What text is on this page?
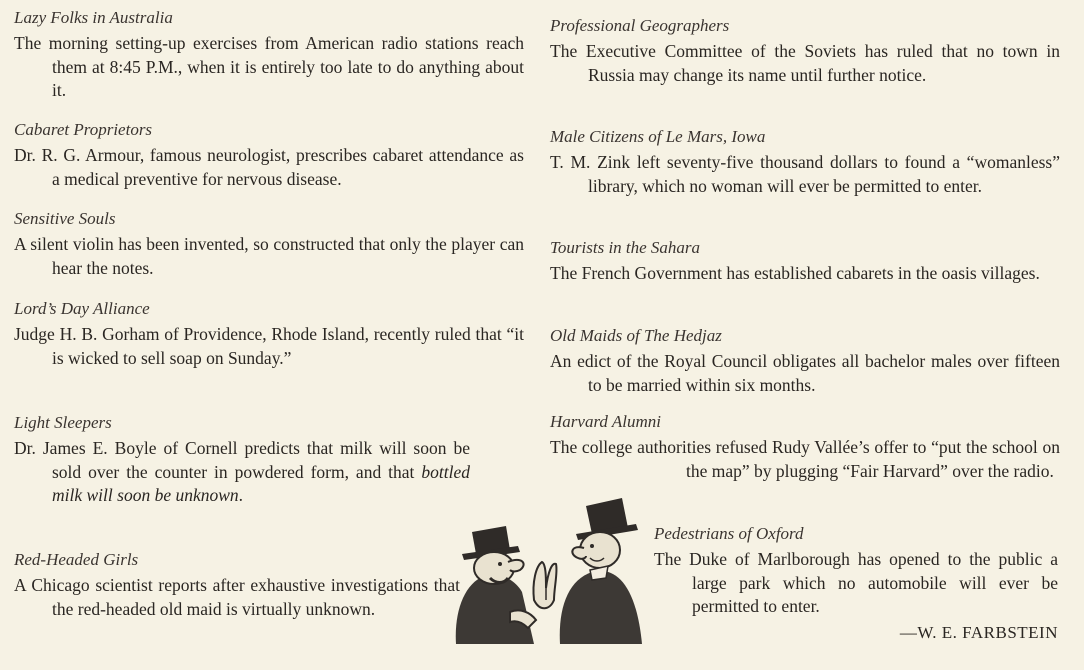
Lazy Folks in Australia

The morning setting-up exercises from American radio stations reach them at 8:45 P.M., when it is entirely too late to do anything about it.

Cabaret Proprietors

Dr. R. G. Armour, famous neurologist, prescribes cabaret attendance as a medical preventive for nervous disease.

Sensitive Souls

A silent violin has been invented, so constructed that only the player can hear the notes.

Lord’s Day Alliance

Judge H. B. Gorham of Providence, Rhode Island, recently ruled that “it is wicked to sell soap on Sunday.”

Light Sleepers

Dr. James E. Boyle of Cornell predicts that milk will soon be sold over the counter in powdered form, and that bottled milk will soon be unknown.

Red-Headed Girls

A Chicago scientist reports after exhaustive investigations that the red-headed old maid is virtually unknown.

Professional Geographers

The Executive Committee of the Soviets has ruled that no town in Russia may change its name until further notice.

Male Citizens of Le Mars, Iowa

T. M. Zink left seventy-five thousand dollars to found a “womanless” library, which no woman will ever be permitted to enter.

Tourists in the Sahara

The French Government has established cabarets in the oasis villages.

Old Maids of The Hedjaz

An edict of the Royal Council obligates all bachelor males over fifteen to be married within six months.

Harvard Alumni

The college authorities refused Rudy Vallée’s offer to “put the school on the map” by plugging “Fair Harvard” over the radio.

Pedestrians of Oxford

The Duke of Marlborough has opened to the public a large park which no automobile will ever be permitted to enter.

—W. E. FARBSTEIN
